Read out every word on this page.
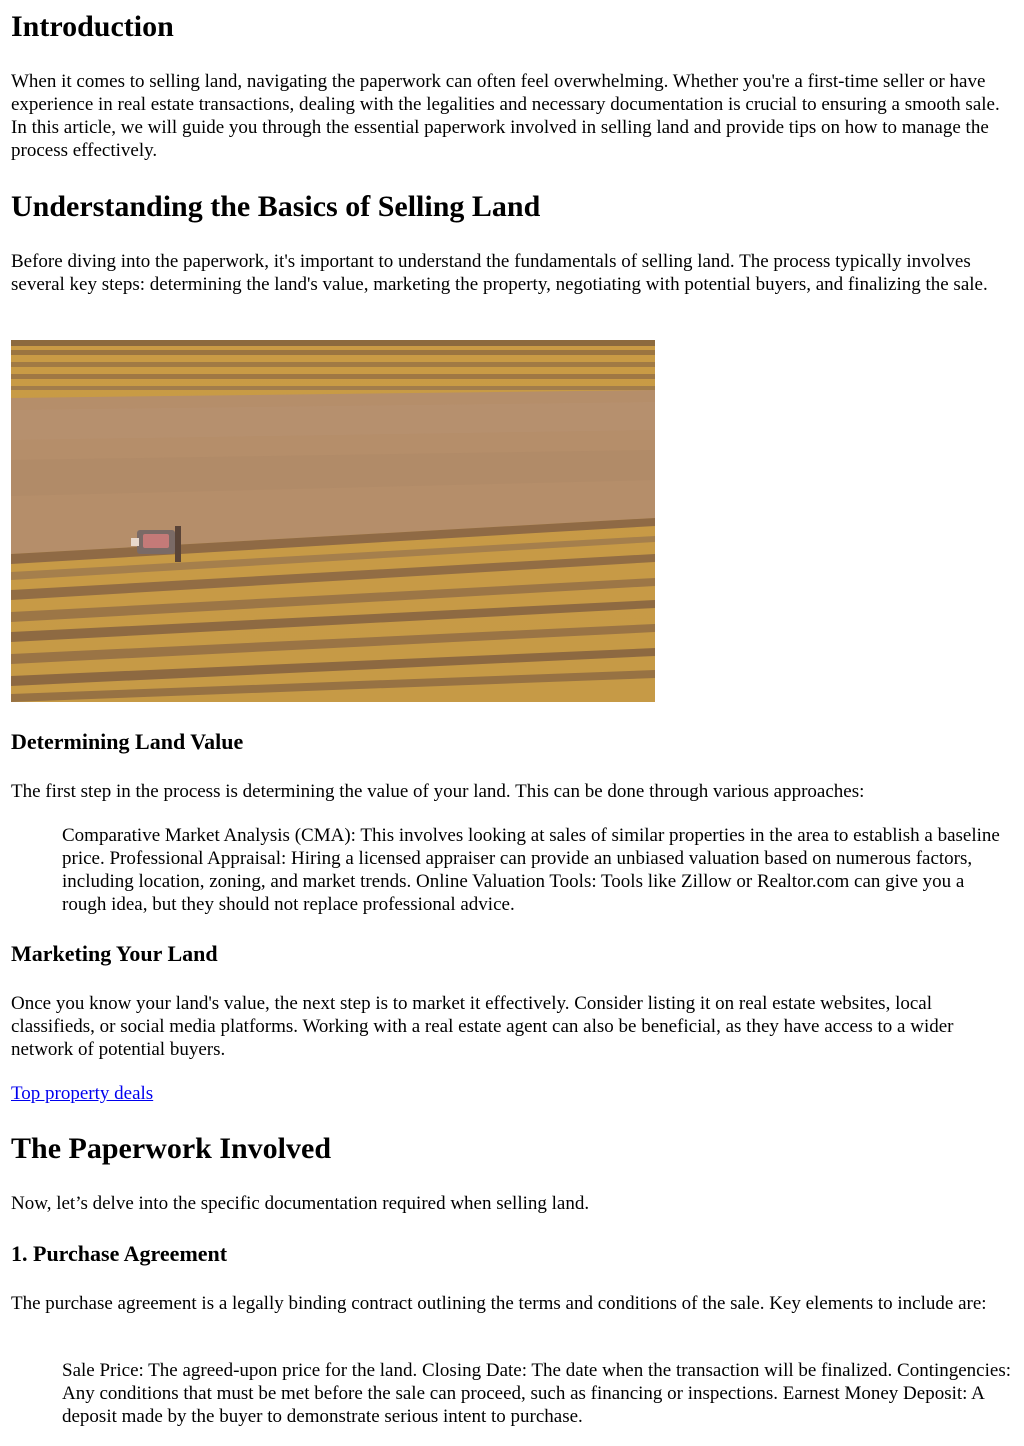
Introduction

When it comes to selling land, navigating the paperwork can often feel overwhelming. Whether you're a first-time seller or have experience in real estate transactions, dealing with the legalities and necessary documentation is crucial to ensuring a smooth sale. In this article, we will guide you through the essential paperwork involved in selling land and provide tips on how to manage the process effectively.

Understanding the Basics of Selling Land

Before diving into the paperwork, it's important to understand the fundamentals of selling land. The process typically involves several key steps: determining the land's value, marketing the property, negotiating with potential buyers, and finalizing the sale.

Determining Land Value

The first step in the process is determining the value of your land. This can be done through various approaches:

Comparative Market Analysis (CMA): This involves looking at sales of similar properties in the area to establish a baseline price. Professional Appraisal: Hiring a licensed appraiser can provide an unbiased valuation based on numerous factors, including location, zoning, and market trends. Online Valuation Tools: Tools like Zillow or Realtor.com can give you a rough idea, but they should not replace professional advice.
Marketing Your Land

Once you know your land's value, the next step is to market it effectively. Consider listing it on real estate websites, local classifieds, or social media platforms. Working with a real estate agent can also be beneficial, as they have access to a wider network of potential buyers.

Top property deals
The Paperwork Involved

Now, let’s delve into the specific documentation required when selling land.

1. Purchase Agreement

The purchase agreement is a legally binding contract outlining the terms and conditions of the sale. Key elements to include are:

Sale Price: The agreed-upon price for the land. Closing Date: The date when the transaction will be finalized. Contingencies: Any conditions that must be met before the sale can proceed, such as financing or inspections. Earnest Money Deposit: A deposit made by the buyer to demonstrate serious intent to purchase.
